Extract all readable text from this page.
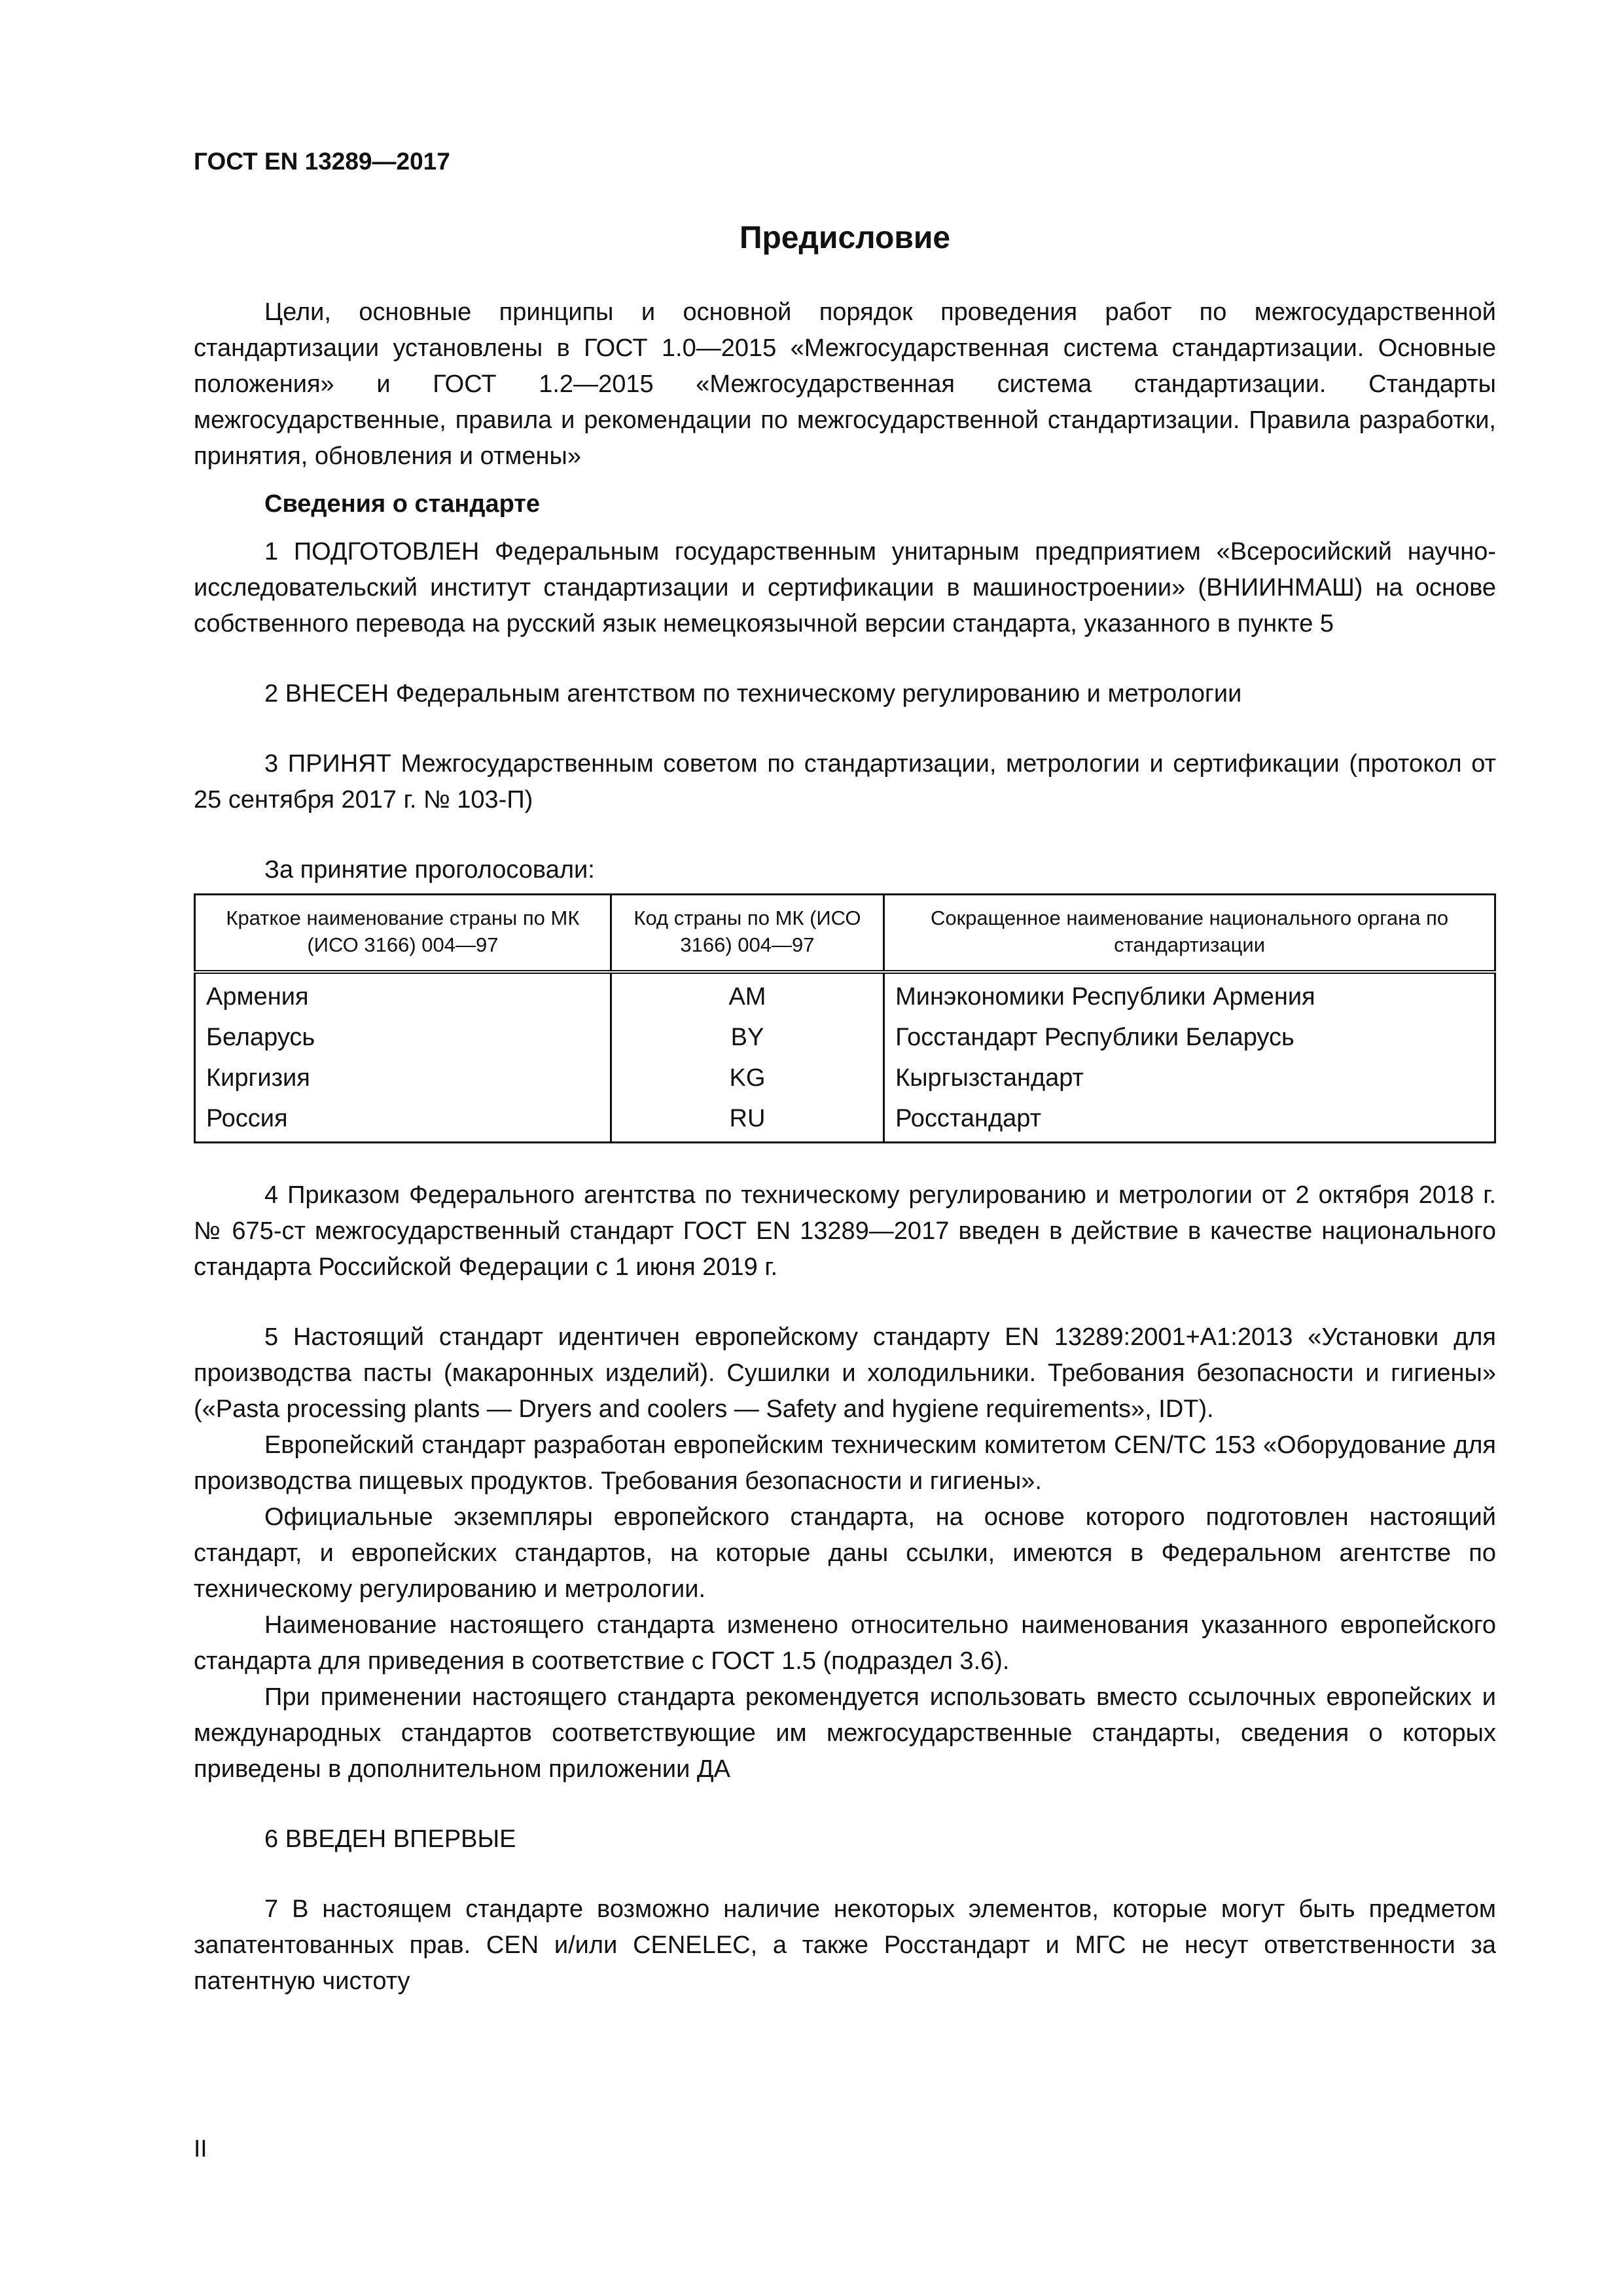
ГОСТ EN 13289—2017

Предисловие

Цели, основные принципы и основной порядок проведения работ по межгосударственной стандартизации установлены в ГОСТ 1.0—2015 «Межгосударственная система стандартизации. Основные положения» и ГОСТ 1.2—2015 «Межгосударственная система стандартизации. Стандарты межгосударственные, правила и рекомендации по межгосударственной стандартизации. Правила разработки, принятия, обновления и отмены»

Сведения о стандарте

1 ПОДГОТОВЛЕН Федеральным государственным унитарным предприятием «Всеросийский научно-исследовательский институт стандартизации и сертификации в машиностроении» (ВНИИНМАШ) на основе собственного перевода на русский язык немецкоязычной версии стандарта, указанного в пункте 5

2 ВНЕСЕН Федеральным агентством по техническому регулированию и метрологии

3 ПРИНЯТ Межгосударственным советом по стандартизации, метрологии и сертификации (протокол от 25 сентября 2017 г. № 103-П)

За принятие проголосовали:

Краткое наименование страны по МК (ИСО 3166) 004—97	Код страны по МК (ИСО 3166) 004—97	Сокращенное наименование национального органа по стандартизации
Армения	AM	Минэкономики Республики Армения
Беларусь	BY	Госстандарт Республики Беларусь
Киргизия	KG	Кыргызстандарт
Россия	RU	Росстандарт

4 Приказом Федерального агентства по техническому регулированию и метрологии от 2 октября 2018 г. № 675-ст межгосударственный стандарт ГОСТ EN 13289—2017 введен в действие в качестве национального стандарта Российской Федерации с 1 июня 2019 г.

5 Настоящий стандарт идентичен европейскому стандарту EN 13289:2001+A1:2013 «Установки для производства пасты (макаронных изделий). Сушилки и холодильники. Требования безопасности и гигиены» («Pasta processing plants — Dryers and coolers — Safety and hygiene requirements», IDT).

Европейский стандарт разработан европейским техническим комитетом CEN/TC 153 «Оборудование для производства пищевых продуктов. Требования безопасности и гигиены».

Официальные экземпляры европейского стандарта, на основе которого подготовлен настоящий стандарт, и европейских стандартов, на которые даны ссылки, имеются в Федеральном агентстве по техническому регулированию и метрологии.

Наименование настоящего стандарта изменено относительно наименования указанного европейского стандарта для приведения в соответствие с ГОСТ 1.5 (подраздел 3.6).

При применении настоящего стандарта рекомендуется использовать вместо ссылочных европейских и международных стандартов соответствующие им межгосударственные стандарты, сведения о которых приведены в дополнительном приложении ДА

6 ВВЕДЕН ВПЕРВЫЕ

7 В настоящем стандарте возможно наличие некоторых элементов, которые могут быть предметом запатентованных прав. CEN и/или CENELEC, а также Росстандарт и МГС не несут ответственности за патентную чистоту

II
